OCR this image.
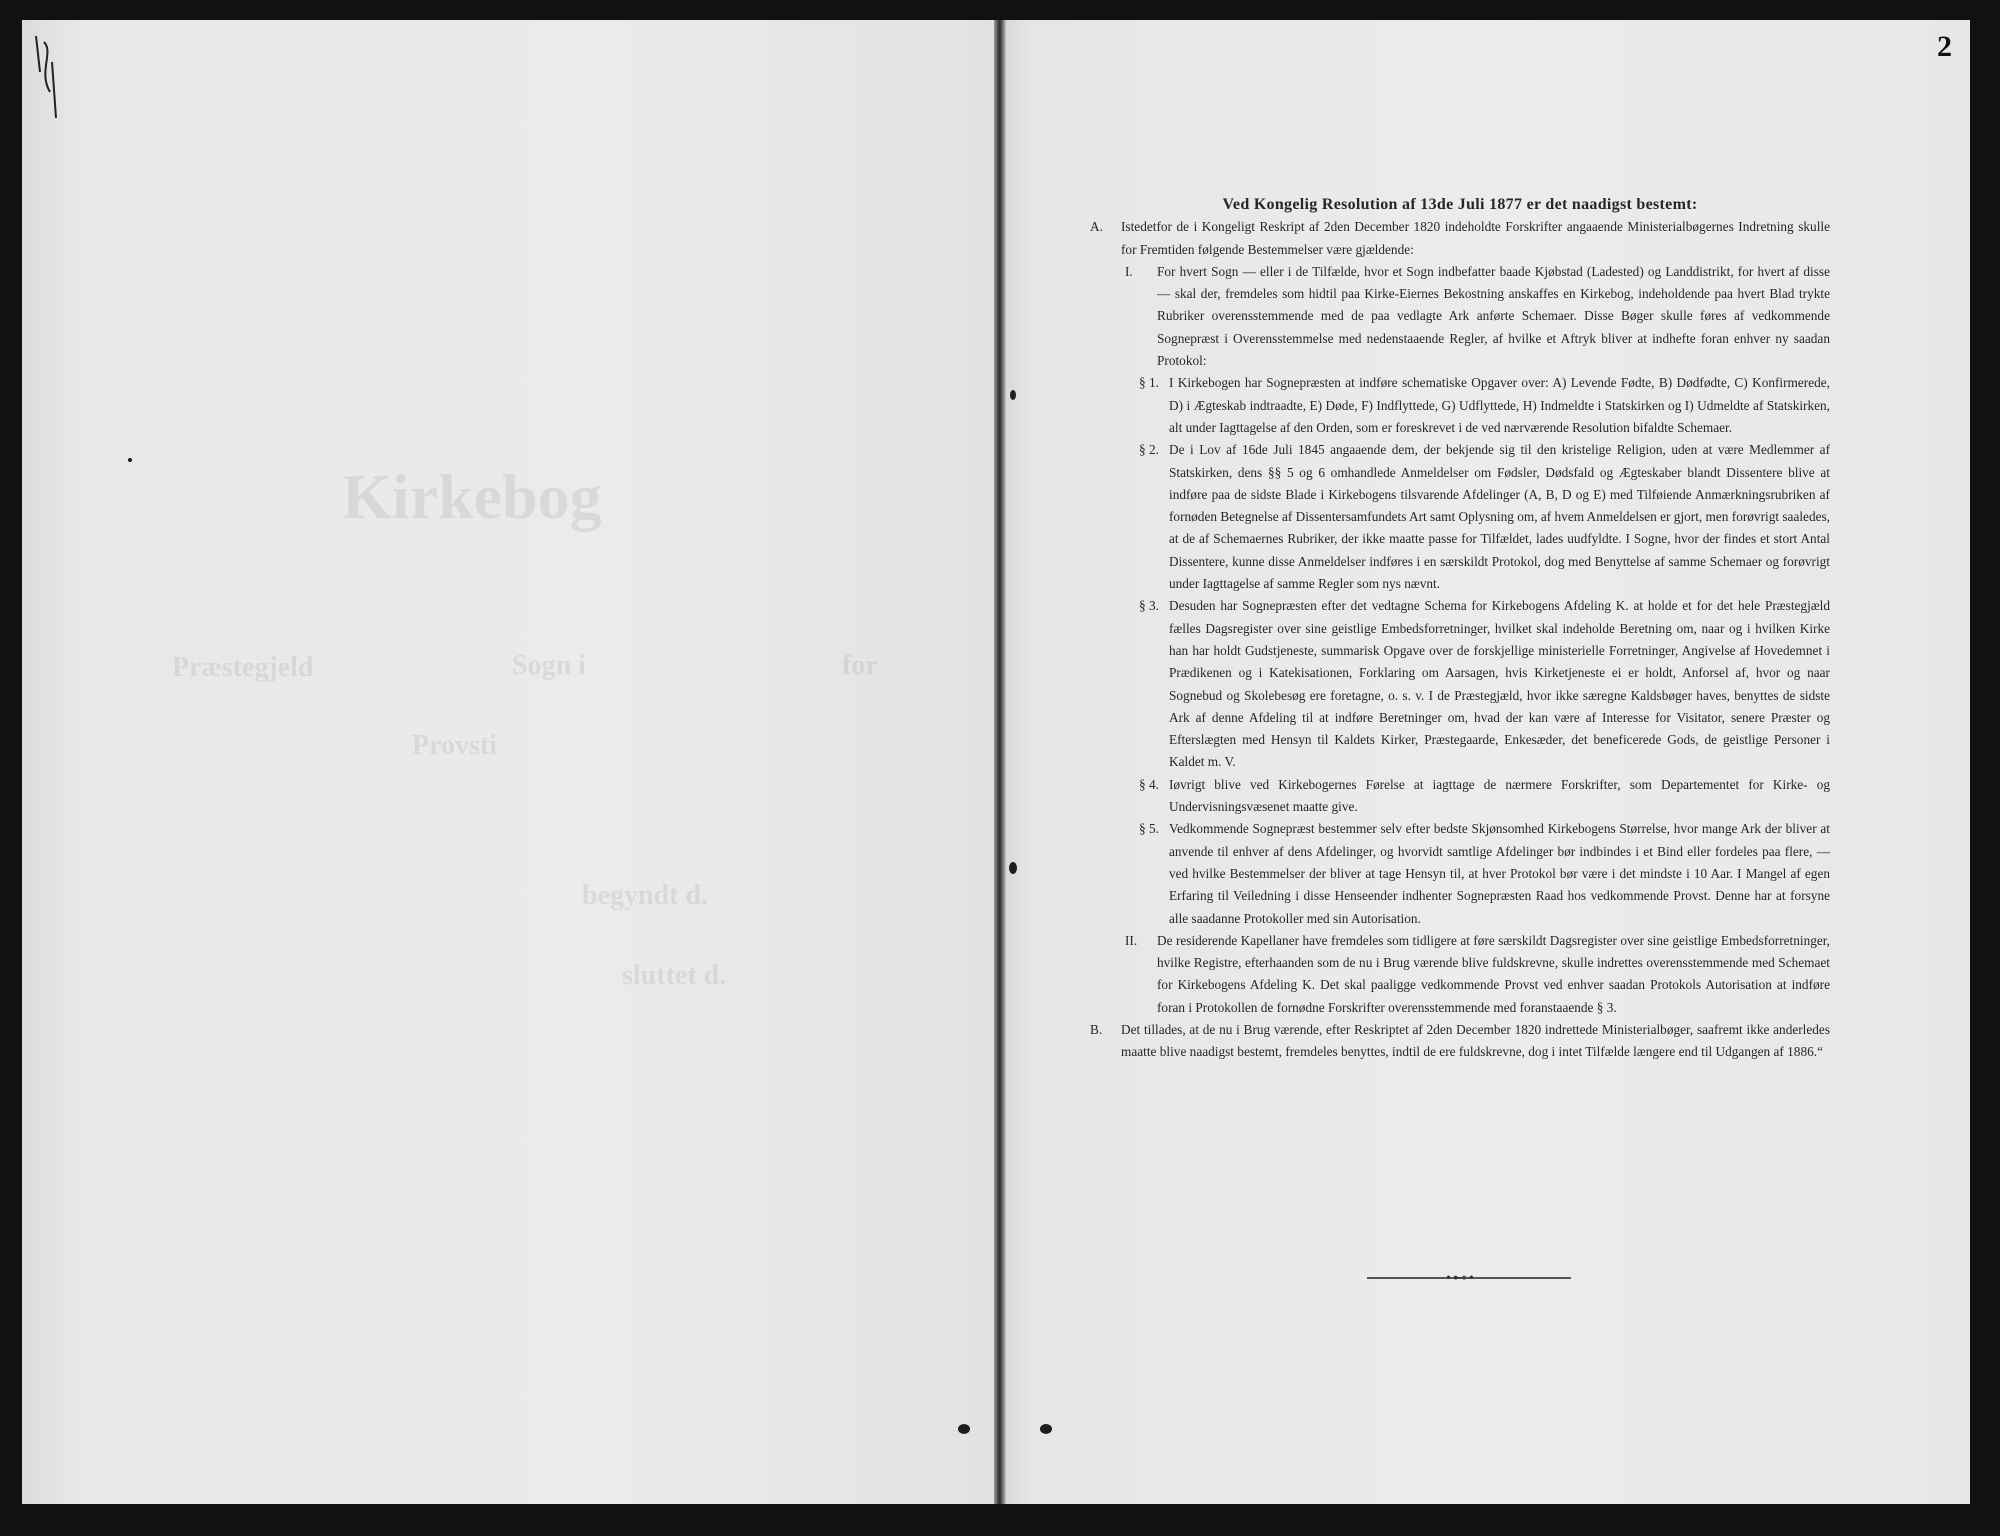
Kirkebog
for
Sogn i
Præstegjeld
Provsti
begyndt d.
sluttet d.
2

Ved Kongelig Resolution af 13de Juli 1877 er det naadigst bestemt:

A.	Istedetfor de i Kongeligt Reskript af 2den December 1820 indeholdte Forskrifter angaaende Ministerialbøgernes Indretning skulle for Fremtiden følgende Bestemmelser være gjældende:
I.	For hvert Sogn — eller i de Tilfælde, hvor et Sogn indbefatter baade Kjøbstad (Ladested) og Landdistrikt, for hvert af disse — skal der, fremdeles som hidtil paa Kirke-Eiernes Bekostning anskaffes en Kirkebog, indeholdende paa hvert Blad trykte Rubriker overensstemmende med de paa vedlagte Ark anførte Schemaer. Disse Bøger skulle føres af vedkommende Sognepræst i Overensstemmelse med nedenstaaende Regler, af hvilke et Aftryk bliver at indhefte foran enhver ny saadan Protokol:
§ 1. I Kirkebogen har Sognepræsten at indføre schematiske Opgaver over: A) Levende Fødte, B) Dødfødte, C) Konfirmerede, D) i Ægteskab indtraadte, E) Døde, F) Indflyttede, G) Udflyttede, H) Indmeldte i Statskirken og I) Udmeldte af Statskirken, alt under Iagttagelse af den Orden, som er foreskrevet i de ved nærværende Resolution bifaldte Schemaer.
§ 2. De i Lov af 16de Juli 1845 angaaende dem, der bekjende sig til den kristelige Religion, uden at være Medlemmer af Statskirken, dens §§ 5 og 6 omhandlede Anmeldelser om Fødsler, Dødsfald og Ægteskaber blandt Dissentere blive at indføre paa de sidste Blade i Kirkebogens tilsvarende Afdelinger (A, B, D og E) med Tilføiende Anmærkningsrubriken af fornøden Betegnelse af Dissentersamfundets Art samt Oplysning om, af hvem Anmeldelsen er gjort, men forøvrigt saaledes, at de af Schemaernes Rubriker, der ikke maatte passe for Tilfældet, lades uudfyldte. I Sogne, hvor der findes et stort Antal Dissentere, kunne disse Anmeldelser indføres i en særskildt Protokol, dog med Benyttelse af samme Schemaer og forøvrigt under Iagttagelse af samme Regler som nys nævnt.
§ 3. Desuden har Sognepræsten efter det vedtagne Schema for Kirkebogens Afdeling K. at holde et for det hele Præstegjæld fælles Dagsregister over sine geistlige Embedsforretninger, hvilket skal indeholde Beretning om, naar og i hvilken Kirke han har holdt Gudstjeneste, summarisk Opgave over de forskjellige ministerielle Forretninger, Angivelse af Hovedemnet i Prædikenen og i Katekisationen, Forklaring om Aarsagen, hvis Kirketjeneste ei er holdt, Anforsel af, hvor og naar Sognebud og Skolebesøg ere foretagne, o. s. v. I de Præstegjæld, hvor ikke særegne Kaldsbøger haves, benyttes de sidste Ark af denne Afdeling til at indføre Beretninger om, hvad der kan være af Interesse for Visitator, senere Præster og Efterslægten med Hensyn til Kaldets Kirker, Præstegaarde, Enkesæder, det beneficerede Gods, de geistlige Personer i Kaldet m. V.
§ 4. Iøvrigt blive ved Kirkebogernes Førelse at iagttage de nærmere Forskrifter, som Departementet for Kirke- og Undervisningsvæsenet maatte give.
§ 5. Vedkommende Sognepræst bestemmer selv efter bedste Skjønsomhed Kirkebogens Størrelse, hvor mange Ark der bliver at anvende til enhver af dens Afdelinger, og hvorvidt samtlige Afdelinger bør indbindes i et Bind eller fordeles paa flere, — ved hvilke Bestemmelser der bliver at tage Hensyn til, at hver Protokol bør være i det mindste i 10 Aar. I Mangel af egen Erfaring til Veiledning i disse Henseender indhenter Sognepræsten Raad hos vedkommende Provst. Denne har at forsyne alle saadanne Protokoller med sin Autorisation.
II.	De residerende Kapellaner have fremdeles som tidligere at føre særskildt Dagsregister over sine geistlige Embedsforretninger, hvilke Registre, efterhaanden som de nu i Brug værende blive fuldskrevne, skulle indrettes overensstemmende med Schemaet for Kirkebogens Afdeling K. Det skal paaligge vedkommende Provst ved enhver saadan Protokols Autorisation at indføre foran i Protokollen de fornødne Forskrifter overensstemmende med foranstaaende § 3.
B.	Det tillades, at de nu i Brug værende, efter Reskriptet af 2den December 1820 indrettede Ministerialbøger, saafremt ikke anderledes maatte blive naadigst bestemt, fremdeles benyttes, indtil de ere fuldskrevne, dog i intet Tilfælde længere end til Udgangen af 1886.“
•⊷•
